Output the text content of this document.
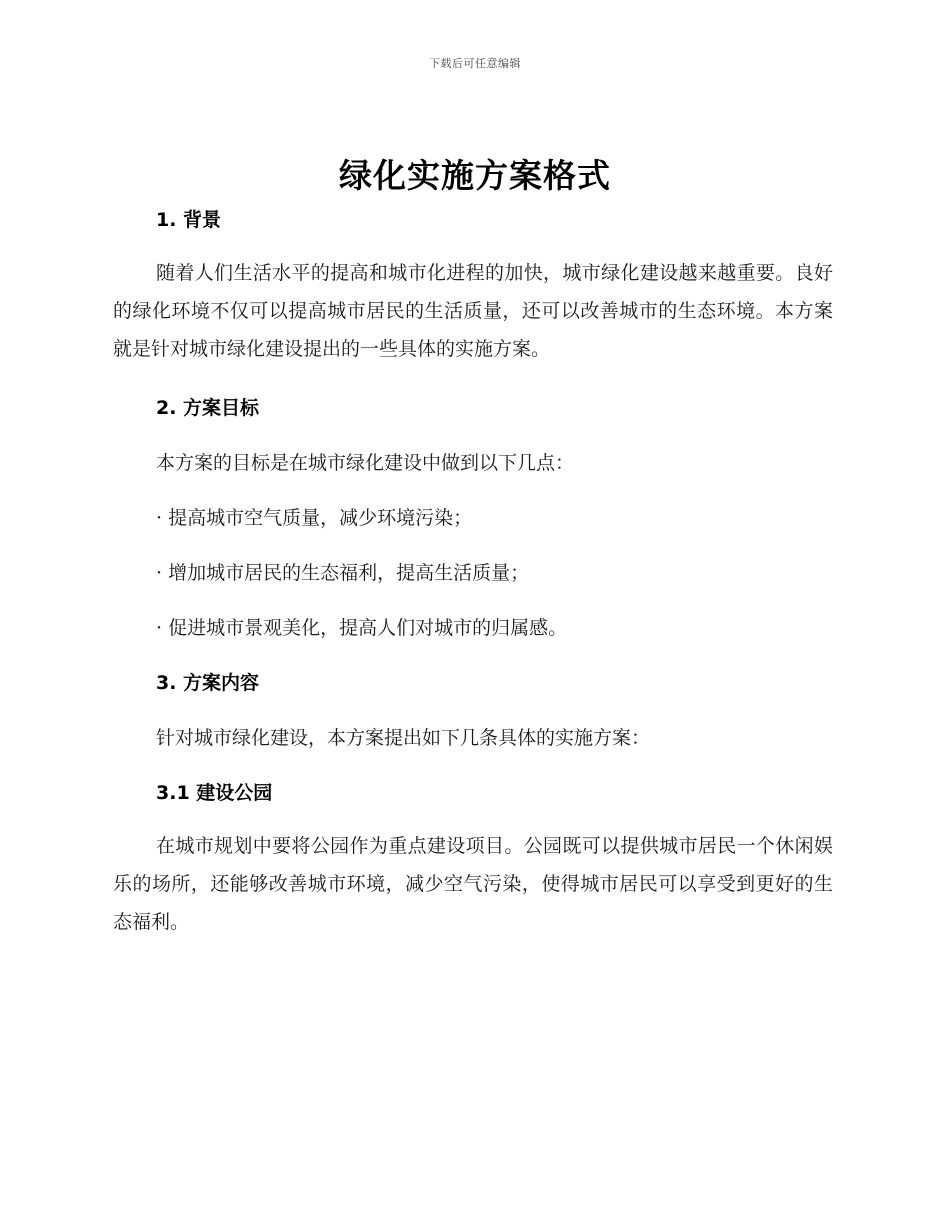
下载后可任意编辑
绿化实施方案格式
1. 背景

随着人们生活水平的提高和城市化进程的加快，城市绿化建设越来越重要。良好的绿化环境不仅可以提高城市居民的生活质量，还可以改善城市的生态环境。本方案就是针对城市绿化建设提出的一些具体的实施方案。

2. 方案目标

本方案的目标是在城市绿化建设中做到以下几点：

· 提高城市空气质量，减少环境污染；

· 增加城市居民的生态福利，提高生活质量；

· 促进城市景观美化，提高人们对城市的归属感。

3. 方案内容

针对城市绿化建设，本方案提出如下几条具体的实施方案：

3.1 建设公园

在城市规划中要将公园作为重点建设项目。公园既可以提供城市居民一个休闲娱乐的场所，还能够改善城市环境，减少空气污染，使得城市居民可以享受到更好的生态福利。
